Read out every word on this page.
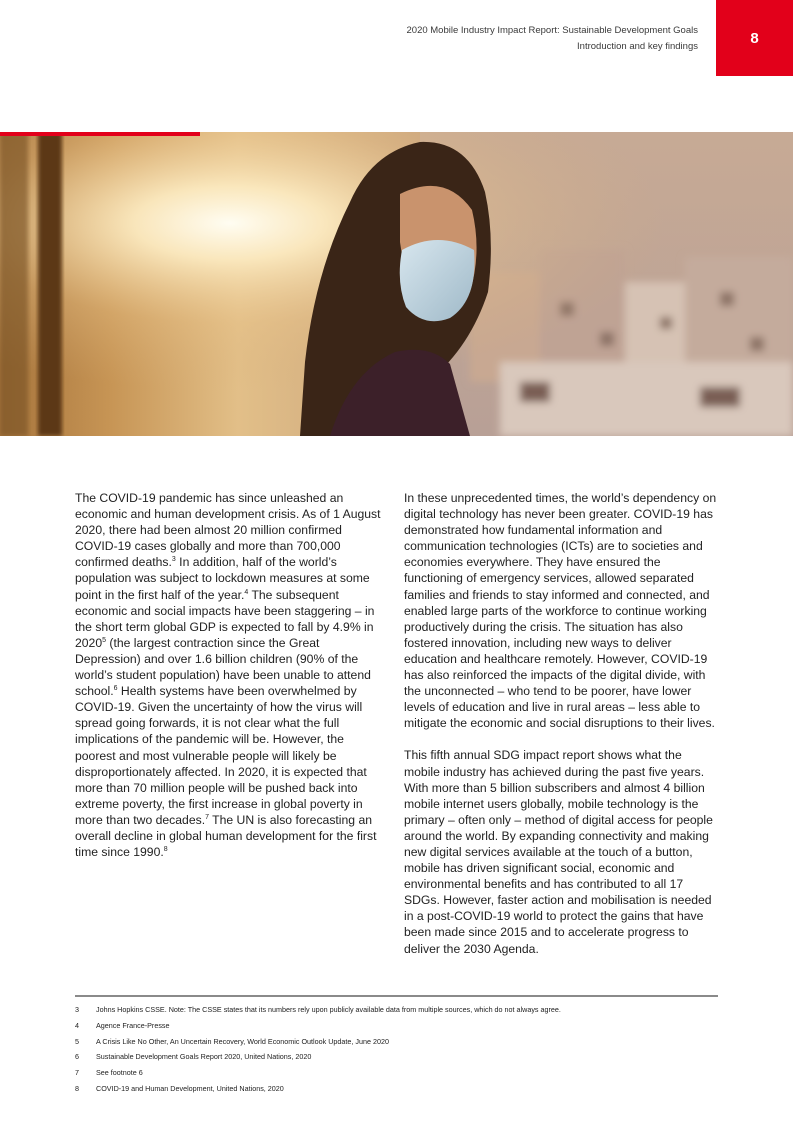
2020 Mobile Industry Impact Report: Sustainable Development Goals
Introduction and key findings	8

The COVID-19 pandemic has since unleashed an economic and human development crisis. As of 1 August 2020, there had been almost 20 million confirmed COVID-19 cases globally and more than 700,000 confirmed deaths.$^3$ In addition, half of the world’s population was subject to lockdown measures at some point in the first half of the year.$^4$ The subsequent economic and social impacts have been staggering – in the short term global GDP is expected to fall by 4.9% in 2020$^5$ (the largest contraction since the Great Depression) and over 1.6 billion children (90% of the world’s student population) have been unable to attend school.$^6$ Health systems have been overwhelmed by COVID-19. Given the uncertainty of how the virus will spread going forwards, it is not clear what the full implications of the pandemic will be. However, the poorest and most vulnerable people will likely be disproportionately affected. In 2020, it is expected that more than 70 million people will be pushed back into extreme poverty, the first increase in global poverty in more than two decades.$^7$ The UN is also forecasting an overall decline in global human development for the first time since 1990.$^8$

In these unprecedented times, the world’s dependency on digital technology has never been greater. COVID-19 has demonstrated how fundamental information and communication technologies (ICTs) are to societies and economies everywhere. They have ensured the functioning of emergency services, allowed separated families and friends to stay informed and connected, and enabled large parts of the workforce to continue working productively during the crisis. The situation has also fostered innovation, including new ways to deliver education and healthcare remotely. However, COVID-19 has also reinforced the impacts of the digital divide, with the unconnected – who tend to be poorer, have lower levels of education and live in rural areas – less able to mitigate the economic and social disruptions to their lives.

This fifth annual SDG impact report shows what the mobile industry has achieved during the past five years. With more than 5 billion subscribers and almost 4 billion mobile internet users globally, mobile technology is the primary – often only – method of digital access for people around the world. By expanding connectivity and making new digital services available at the touch of a button, mobile has driven significant social, economic and environmental benefits and has contributed to all 17 SDGs. However, faster action and mobilisation is needed in a post-COVID-19 world to protect the gains that have been made since 2015 and to accelerate progress to deliver the 2030 Agenda.

3	Johns Hopkins CSSE. Note: The CSSE states that its numbers rely upon publicly available data from multiple sources, which do not always agree.
4	Agence France-Presse
5	A Crisis Like No Other, An Uncertain Recovery, World Economic Outlook Update, June 2020
6	Sustainable Development Goals Report 2020, United Nations, 2020
7	See footnote 6
8	COVID-19 and Human Development, United Nations, 2020
